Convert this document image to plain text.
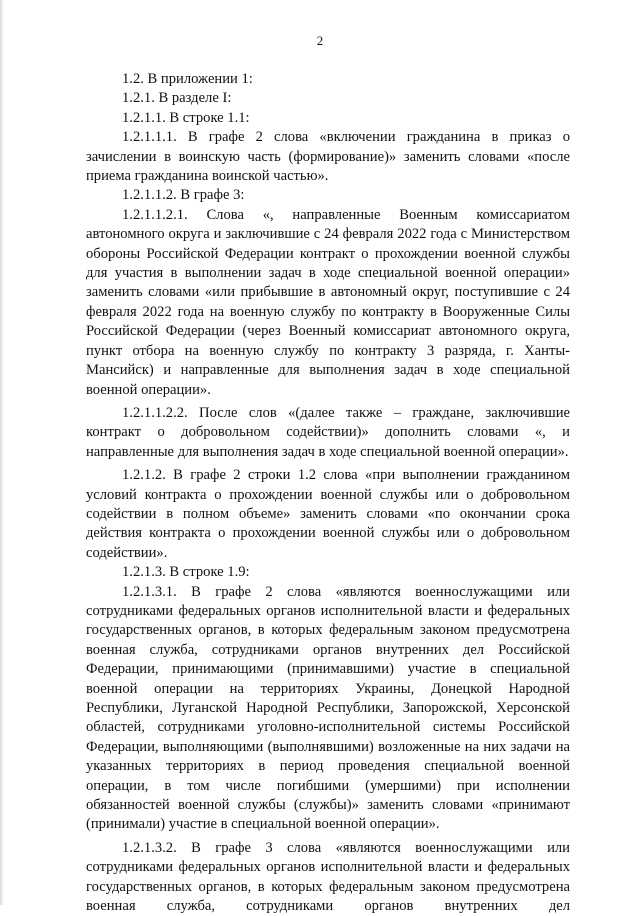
2

1.2. В приложении 1:

1.2.1. В разделе I:

1.2.1.1. В строке 1.1:

1.2.1.1.1. В графе 2 слова «включении гражданина в приказ о зачислении в воинскую часть (формирование)» заменить словами «после приема гражданина воинской частью».

1.2.1.1.2. В графе 3:

1.2.1.1.2.1. Слова «, направленные Военным комиссариатом автономного округа и заключившие с 24 февраля 2022 года с Министерством обороны Российской Федерации контракт о прохождении военной службы для участия в выполнении задач в ходе специальной военной операции» заменить словами «или прибывшие в автономный округ, поступившие с 24 февраля 2022 года на военную службу по контракту в Вооруженные Силы Российской Федерации (через Военный комиссариат автономного округа, пункт отбора на военную службу по контракту 3 разряда, г. Ханты-Мансийск) и направленные для выполнения задач в ходе специальной военной операции».

1.2.1.1.2.2. После слов «(далее также – граждане, заключившие контракт о добровольном содействии)» дополнить словами «, и направленные для выполнения задач в ходе специальной военной операции».

1.2.1.2. В графе 2 строки 1.2 слова «при выполнении гражданином условий контракта о прохождении военной службы или о добровольном содействии в полном объеме» заменить словами «по окончании срока действия контракта о прохождении военной службы или о добровольном содействии».

1.2.1.3. В строке 1.9:

1.2.1.3.1. В графе 2 слова «являются военнослужащими или сотрудниками федеральных органов исполнительной власти и федеральных государственных органов, в которых федеральным законом предусмотрена военная служба, сотрудниками органов внутренних дел Российской Федерации, принимающими (принимавшими) участие в специальной военной операции на территориях Украины, Донецкой Народной Республики, Луганской Народной Республики, Запорожской, Херсонской областей, сотрудниками уголовно-исполнительной системы Российской Федерации, выполняющими (выполнявшими) возложенные на них задачи на указанных территориях в период проведения специальной военной операции, в том числе погибшими (умершими) при исполнении обязанностей военной службы (службы)» заменить словами «принимают (принимали) участие в специальной военной операции».

1.2.1.3.2. В графе 3 слова «являются военнослужащими или сотрудниками федеральных органов исполнительной власти и федеральных государственных органов, в которых федеральным законом предусмотрена военная служба, сотрудниками органов внутренних дел
